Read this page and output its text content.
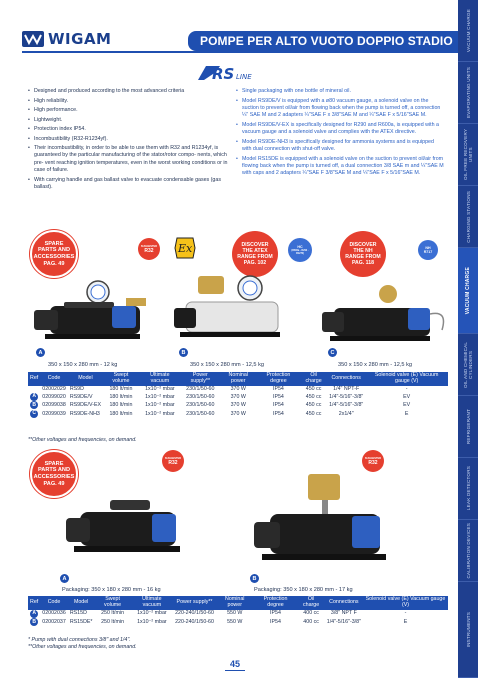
WIGAM	POMPE PER ALTO VUOTO DOPPIO STADIO
RS LINE
• Designed and produced according to the most advanced criteria
• High reliability.
• High performance.
• Lightweight.
• Protection index IP54.
• Incombustibility (R32-R1234yf).
• Their incombustibility, in order to be able to use them with R32 and R1234yf, is guaranteed by the particular manufacturing of the stator/rotor compo- nents, which pre- vent reaching ignition temperatures, even in the worst working conditions or in case of failure.
• With carrying handle and gas ballast valve to evacuate condensable gases (gas ballast).
• Single packaging with one bottle of mineral oil.
• Model RS9DE/V is equipped with a ø80 vacuum gauge, a solenoid valve on the suction to prevent oil/air from flowing back when the pump is turned off, a connection ¼" SAE M and 2 adapters ¼"SAE F x 3/8"SAE M and ¼"SAE F x 5/16"SAE M.
• Model RS9DE/V-EX is specifically designed for R290 and R600a, is equipped with a vacuum gauge and a solenoid valve and complies with the ATEX directive.
• Model RS9DE-NH3 is specifically designed for ammonia systems and is equipped with dual connection with shut-off valve.
• Model RS15DE is equipped with a solenoid valve on the suction to prevent oil/air from flowing back when the pump is turned off, a dual connection 3/8 SAE m and ¼"SAE M with caps and 2 adapters ¼"SAE F 3/8"SAE M and ¼"SAE F x 5/16"SAE M.
SPARE
PARTS AND
ACCESSORIES
PAG. 49
SUGGESTED
R32 Ex	DISCOVER
THE ATEX
RANGE FROM
PAG. 102
HC
(R600a - R290 - R1270)
DISCOVER
THE NH
RANGE FROM
PAG. 118
NH
R717
A	B	C
350 x 150 x 280 mm - 12 kg	350 x 150 x 280 mm - 12,5 kg	350 x 150 x 280 mm - 12,5 kg
Ref	Code	Model	Swept volume	Ultimate vacuum	Power supply**	Nominal power	Protection degree	Oil charge	Connections	Solenoid valve (E) Vacuum gauge (V)
	02002029	RS9D	180 lt/min	1x10⁻² mbar	230/1/50-60	370 W	IP54	450 cc	1/4" NPT-F	-
A	02099020	RS9DE/V	180 lt/min	1x10⁻² mbar	230/1/50-60	370 W	IP54	450 cc	1/4"-5/16"-3/8"	EV
B	02099038	RS9DE/V-EX	180 lt/min	1x10⁻² mbar	230/1/50-60	370 W	IP54	450 cc	1/4"-5/16"-3/8"	EV
C	02099039	RS9DE-NH3	180 lt/min	1x10⁻² mbar	230/1/50-60	370 W	IP54	450 cc	2x1/4"	E
**Other voltages and frequencies, on demand.
SPARE
PARTS AND
ACCESSORIES
PAG. 49
SUGGESTED
R32
SUGGESTED
R32
A	B
Packaging: 350 x 180 x 280 mm - 16 kg	Packaging: 350 x 180 x 280 mm - 17 kg
Ref	Code	Model	Swept volume	Ultimate vacuum	Power supply**	Nominal power	Protection degree	Oil charge	Connections	Solenoid valve (E) Vacuum gauge (V)
A	02002036	RS15D	250 lt/min	1x10⁻² mbar	220-240/1/50-60	550 W	IP54	400 cc	3/8" NPT F	-
B	02002037	RS15DE*	250 lt/min	1x10⁻² mbar	220-240/1/50-60	550 W	IP54	400 cc	1/4"-5/16"-3/8"	E
* Pump with dual connections 3/8" and 1/4".
**Other voltages and frequencies, on demand.
45
VACUUM CHARGE
EVAPORATING UNITS
OIL FREE RECOVERY UNITS
CHARGING STATIONS
VACUUM CHARGE
OIL AND CHEMICAL CYLINDERS
REFRIGERANT
LEAK DETECTORS
CALIBRATION DEVICES
INSTRUMENTS
